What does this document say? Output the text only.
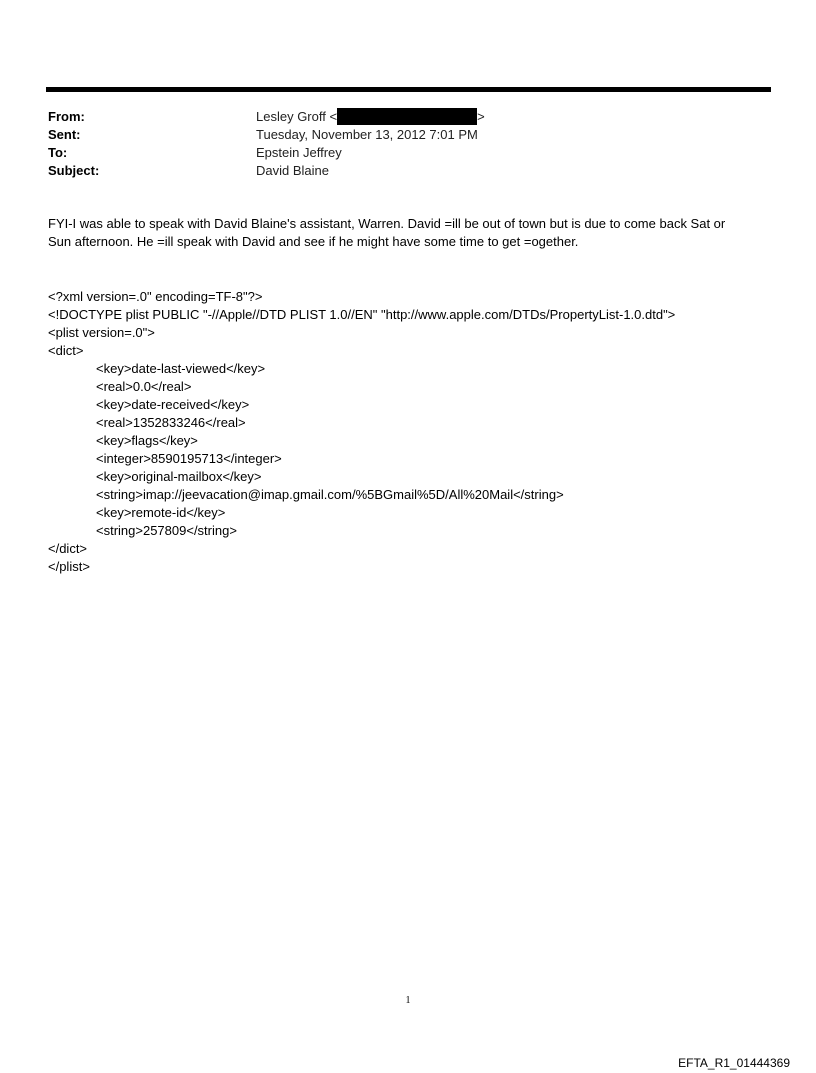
From:	Lesley Groff <	>
Sent:	Tuesday, November 13, 2012 7:01 PM
To:	Epstein Jeffrey
Subject:	David Blaine
FYI-I was able to speak with David Blaine's assistant, Warren. David =ill be out of town but is due to come back Sat or
Sun afternoon. He =ill speak with David and see if he might have some time to get =ogether.
<?xml version=.0" encoding=TF-8"?>
<!DOCTYPE plist PUBLIC "-//Apple//DTD PLIST 1.0//EN" "http://www.apple.com/DTDs/PropertyList-1.0.dtd">
<plist version=.0">
<dict>
<key>date-last-viewed</key>
<real>0.0</real>
<key>date-received</key>
<real>1352833246</real>
<key>flags</key>
<integer>8590195713</integer>
<key>original-mailbox</key>
<string>imap://jeevacation@imap.gmail.com/%5BGmail%5D/All%20Mail</string>
<key>remote-id</key>
<string>257809</string>
</dict>
</plist>
1
EFTA_R1_01444369
